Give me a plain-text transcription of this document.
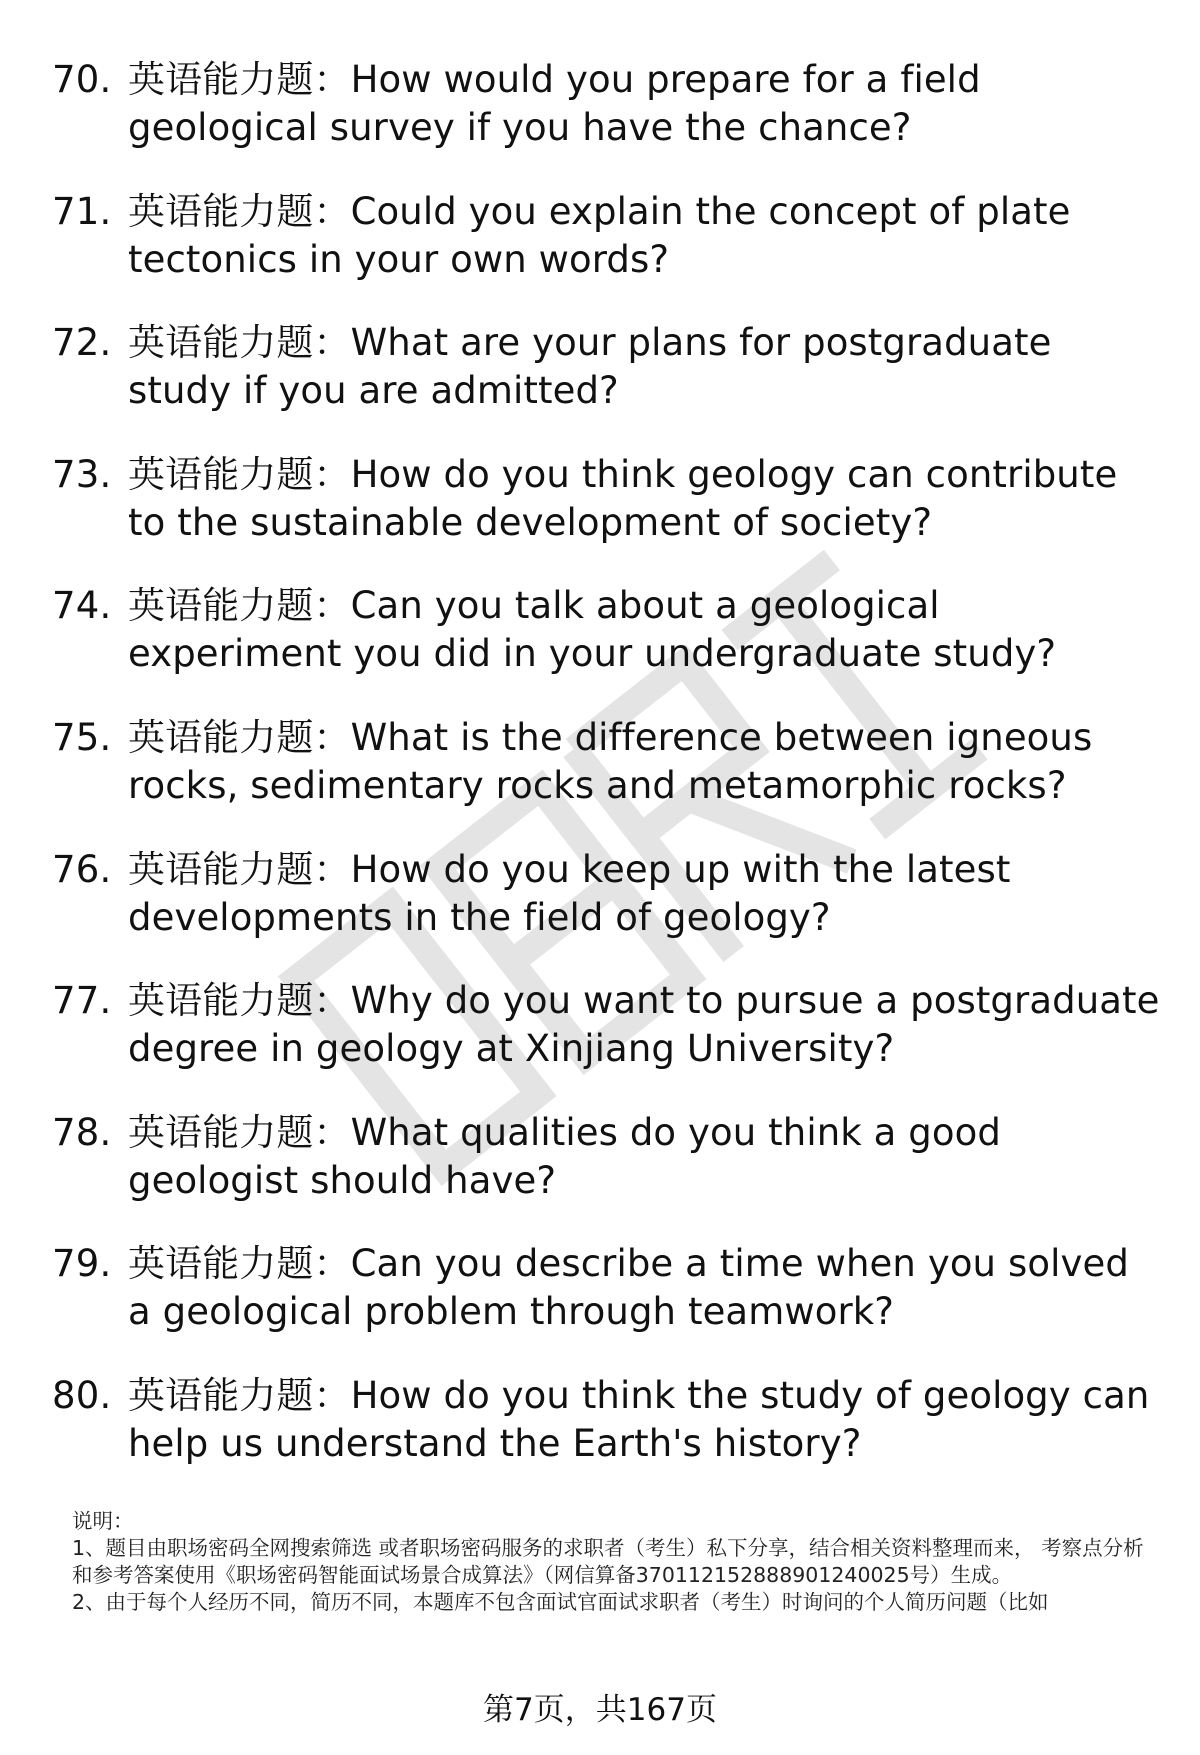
70. 英语能力题：How would you prepare for a field geological survey if you have the chance?
71. 英语能力题：Could you explain the concept of plate tectonics in your own words?
72. 英语能力题：What are your plans for postgraduate study if you are admitted?
73. 英语能力题：How do you think geology can contribute to the sustainable development of society?
74. 英语能力题：Can you talk about a geological experiment you did in your undergraduate study?
75. 英语能力题：What is the difference between igneous rocks, sedimentary rocks and metamorphic rocks?
76. 英语能力题：How do you keep up with the latest developments in the field of geology?
77. 英语能力题：Why do you want to pursue a postgraduate degree in geology at Xinjiang University?
78. 英语能力题：What qualities do you think a good geologist should have?
79. 英语能力题：Can you describe a time when you solved a geological problem through teamwork?
80. 英语能力题：How do you think the study of geology can help us understand the Earth's history?

说明：

1、题目由职场密码全网搜索筛选 或者职场密码服务的求职者（考生）私下分享，结合相关资料整理而来， 考察点分析和参考答案使用《职场密码智能面试场景合成算法》（网信算备370112152888901240025号）生成。

2、由于每个人经历不同，简历不同，本题库不包含面试官面试求职者（考生）时询问的个人简历问题（比如

第7页，共167页
